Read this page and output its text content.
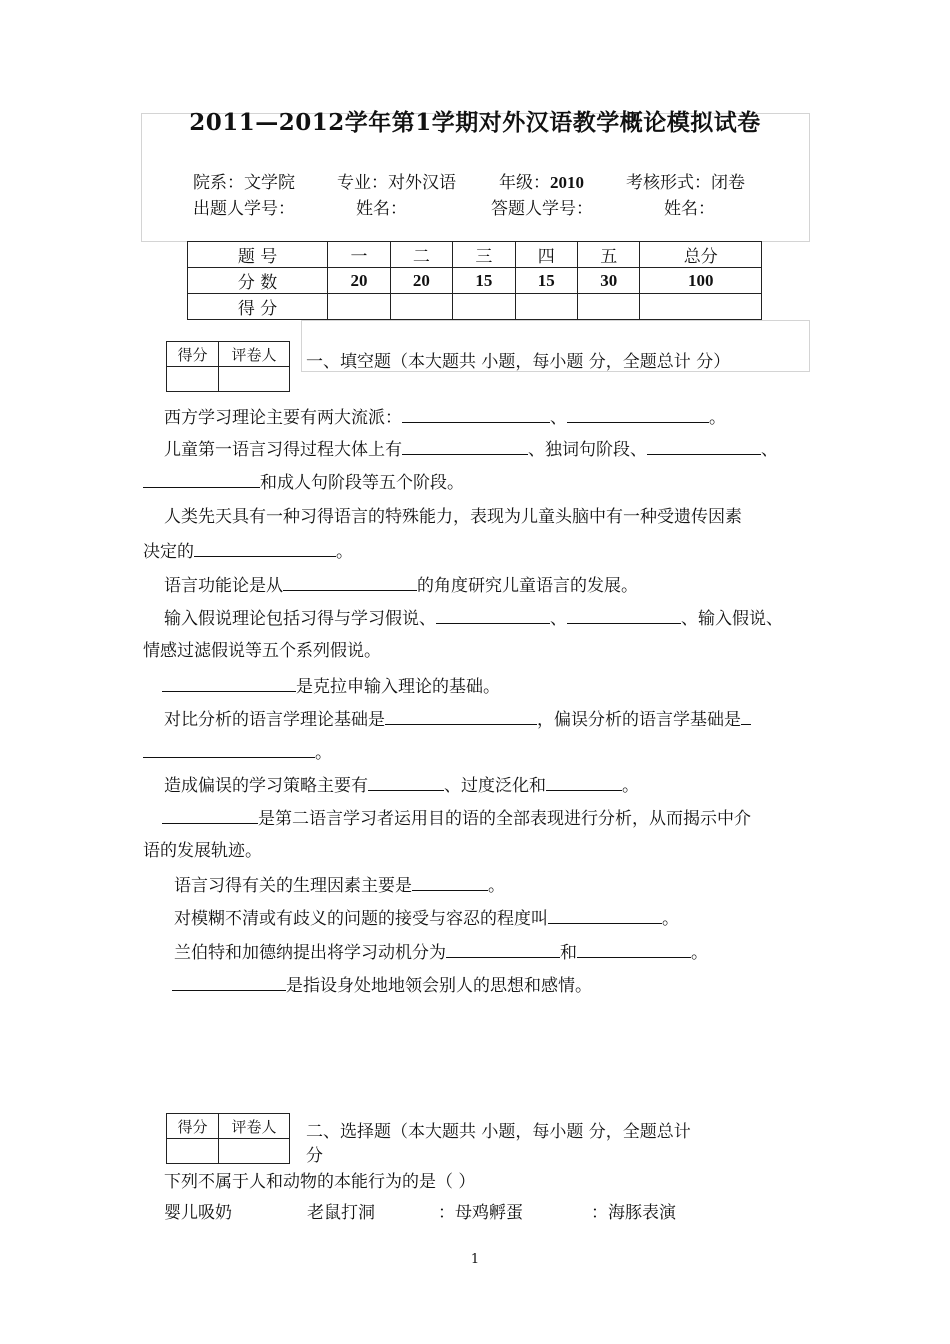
2011—2012学年第1学期对外汉语教学概论模拟试卷
院系：文学院 专业：对外汉语	年级：2010 考核形式：闭卷
出题人学号：	姓名：	答题人学号：	姓名：
题 号	一	二	三	四	五	总分
分 数	20	20	15	15	30	100
得 分						
得分	评卷人
	一、填空题（本大题共 小题，每小题 分，全题总计 分）
西方学习理论主要有两大流派：	、	。
儿童第一语言习得过程大体上有	、独词句阶段、	、
和成人句阶段等五个阶段。
人类先天具有一种习得语言的特殊能力，表现为儿童头脑中有一种受遗传因素
决定的	。
语言功能论是从	的角度研究儿童语言的发展。
输入假说理论包括习得与学习假说、	、	、输入假说、
情感过滤假说等五个系列假说。
是克拉申输入理论的基础。
对比分析的语言学理论基础是	，偏误分析的语言学基础是
。
造成偏误的学习策略主要有	、过度泛化和	。
是第二语言学习者运用目的语的全部表现进行分析，从而揭示中介
语的发展轨迹。
语言习得有关的生理因素主要是	。
对模糊不清或有歧义的问题的接受与容忍的程度叫	。
兰伯特和加德纳提出将学习动机分为	和	。
是指设身处地地领会别人的思想和感情。
得分	评卷人
	二、选择题（本大题共 小题，每小题 分，全题总计
分
下列不属于人和动物的本能行为的是（ ）
婴儿吸奶	老鼠打洞	：母鸡孵蛋	：海豚表演
1
